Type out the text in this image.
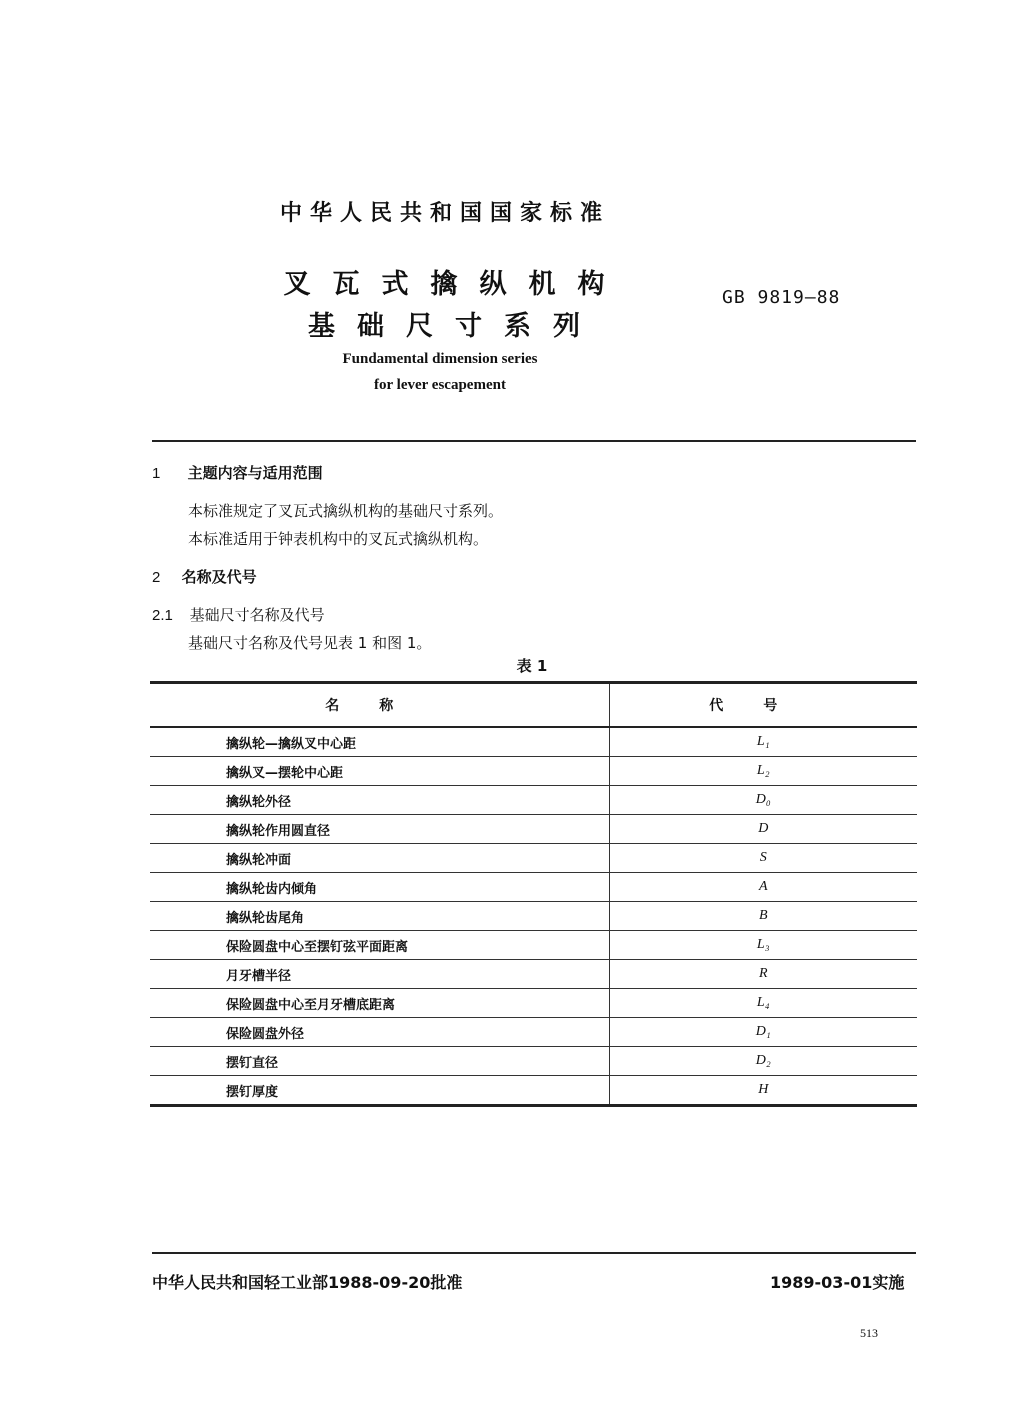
中华人民共和国国家标准
叉瓦式擒纵机构
基础尺寸系列
GB 9819—88
Fundamental dimension series
for lever escapement
1 主题内容与适用范围
本标准规定了叉瓦式擒纵机构的基础尺寸系列。
本标准适用于钟表机构中的叉瓦式擒纵机构。
2 名称及代号
2.1 基础尺寸名称及代号
基础尺寸名称及代号见表 1 和图 1。
表 1
名称	代号
擒纵轮—擒纵叉中心距	L₁
擒纵叉—摆轮中心距	L₂
擒纵轮外径	D₀
擒纵轮作用圆直径	D
擒纵轮冲面	S
擒纵轮齿内倾角	A
擒纵轮齿尾角	B
保险圆盘中心至摆钉弦平面距离	L₃
月牙槽半径	R
保险圆盘中心至月牙槽底距离	L₄
保险圆盘外径	D₁
摆钉直径	D₂
摆钉厚度	H
中华人民共和国轻工业部1988-09-20批准	1989-03-01实施
513
